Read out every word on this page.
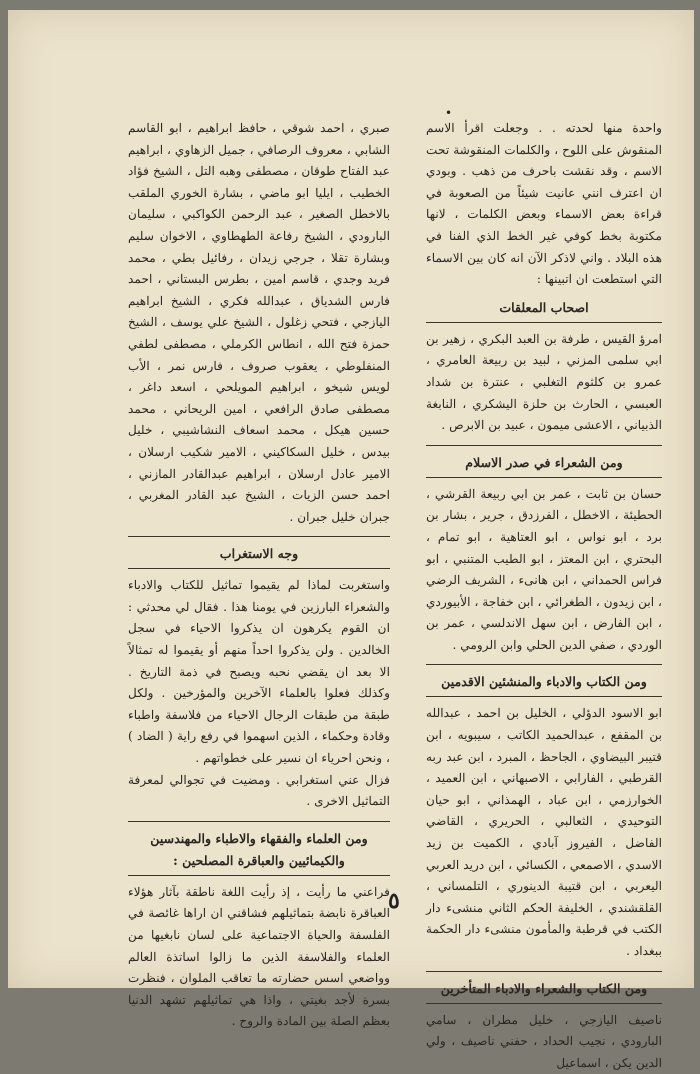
•

واحدة منها لحدته . . وجعلت اقرأ الاسم المنقوش على اللوح ، والكلمات المنقوشة تحت الاسم ، وقد نقشت باحرف من ذهب . وبودي ان اعترف انني عانيت شيئاً من الصعوبة في قراءة بعض الاسماء وبعض الكلمات ، لانها مكتوبة بخط كوفي غير الخط الذي الفنا في هذه البلاد . واني لاذكر الآن انه كان بين الاسماء التي استطعت ان اتبينها :

اصحاب المعلقات

امرؤ القيس ، طرفة بن العبد البكري ، زهير بن ابي سلمى المزني ، لبيد بن ربيعة العامري ، عمرو بن كلثوم التغلبي ، عنترة بن شداد العبسي ، الحارث بن حلزة اليشكري ، النابغة الذبياني ، الاعشى ميمون ، عبيد بن الابرص .

ومن الشعراء في صدر الاسلام

حسان بن ثابت ، عمر بن ابي ربيعة القرشي ، الحطيئة ، الاخطل ، الفرزدق ، جرير ، بشار بن برد ، ابو نواس ، ابو العتاهية ، ابو تمام ، البحتري ، ابن المعتز ، ابو الطيب المتنبي ، ابو فراس الحمداني ، ابن هانىء ، الشريف الرضي ، ابن زيدون ، الطغرائي ، ابن خفاجة ، الأبيوردي ، ابن الفارض ، ابن سهل الاندلسي ، عمر بن الوردي ، صفي الدين الحلي وابن الرومي .

ومن الكتاب والادباء والمنشئين الاقدمين

ابو الاسود الدؤلي ، الخليل بن احمد ، عبدالله بن المقفع ، عبدالحميد الكاتب ، سيبويه ، ابن قتيبر البيضاوي ، الجاحظ ، المبرد ، ابن عبد ربه القرطبي ، الفارابي ، الاصبهاني ، ابن العميد ، الخوارزمي ، ابن عباد ، الهمذاني ، ابو حيان التوحيدي ، الثعالبي ، الحريري ، القاضي الفاضل ، الفيروز آبادي ، الكميت بن زيد الاسدي ، الاصمعي ، الكسائي ، ابن دريد العربي اليعربي ، ابن قتيبة الدينوري ، التلمساني ، القلقشندي ، الخليفة الحكم الثاني منشىء دار الكتب في قرطبة والمأمون منشىء دار الحكمة ببغداد .

ومن الكتاب والشعراء والادباء المتأخرين

ناصيف اليازجي ، خليل مطران ، سامي البارودي ، نجيب الحداد ، حفني ناصيف ، ولي الدين يكن ، اسماعيل

صبري ، احمد شوقي ، حافظ ابراهيم ، ابو القاسم الشابي ، معروف الرصافي ، جميل الزهاوي ، ابراهيم عبد الفتاح طوقان ، مصطفى وهبه التل ، الشيخ فؤاد الخطيب ، ايليا ابو ماضي ، بشارة الخوري الملقب بالاخطل الصغير ، عبد الرحمن الكواكبي ، سليمان البارودي ، الشيخ رفاعة الطهطاوي ، الاخوان سليم وبشارة تقلا ، جرجي زيدان ، رفائيل بطي ، محمد فريد وجدي ، قاسم امين ، بطرس البستاني ، احمد فارس الشدياق ، عبدالله فكري ، الشيخ ابراهيم اليازجي ، فتحي زغلول ، الشيخ علي يوسف ، الشيخ حمزة فتح الله ، انطاس الكرملي ، مصطفى لطفي المنفلوطي ، يعقوب صروف ، فارس نمر ، الأب لويس شيخو ، ابراهيم المويلحي ، اسعد داغر ، مصطفى صادق الرافعي ، امين الريحاني ، محمد حسين هيكل ، محمد اسعاف النشاشيبي ، خليل بيدس ، خليل السكاكيني ، الامير شكيب ارسلان ، الامير عادل ارسلان ، ابراهيم عبدالقادر المازني ، احمد حسن الزيات ، الشيخ عبد القادر المغربي ، جبران خليل جبران .

وجه الاستغراب

واستغربت لماذا لم يقيموا تماثيل للكتاب والادباء والشعراء البارزين في يومنا هذا . فقال لي محدثي : ان القوم يكرهون ان يذكروا الاحياء في سجل الخالدين . ولن يذكروا احداً منهم أو يقيموا له تمثالاً الا بعد ان يقضي نحبه ويصبح في ذمة التاريخ . وكذلك فعلوا بالعلماء الآخرين والمؤرخين . ولكل طبقة من طبقات الرجال الاحياء من فلاسفة واطباء وقادة وحكماء ، الذين اسهموا في رفع راية ( الضاد ) ، ونحن احرياء ان نسير على خطواتهم .

فزال عني استغرابي . ومضيت في تجوالي لمعرفة التماثيل الاخرى .

ومن العلماء والفقهاء والاطباء والمهندسين والكيمائيين والعباقرة المصلحين :

فراعني ما رأيت ، إذ رأيت اللغة ناطقة بآثار هؤلاء العباقرة نابضة بتماثيلهم فشاقني ان اراها غائصة في الفلسفة والحياة الاجتماعية على لسان نابغيها من العلماء والفلاسفة الذين ما زالوا اساتذة العالم وواضعي اسس حضارته ما تعاقب الملوان ، فنظرت بسرة لأجد بغيتي ، واذا هي تماثيلهم تشهد الدنيا بعظم الصلة بين المادة والروح .

٥
